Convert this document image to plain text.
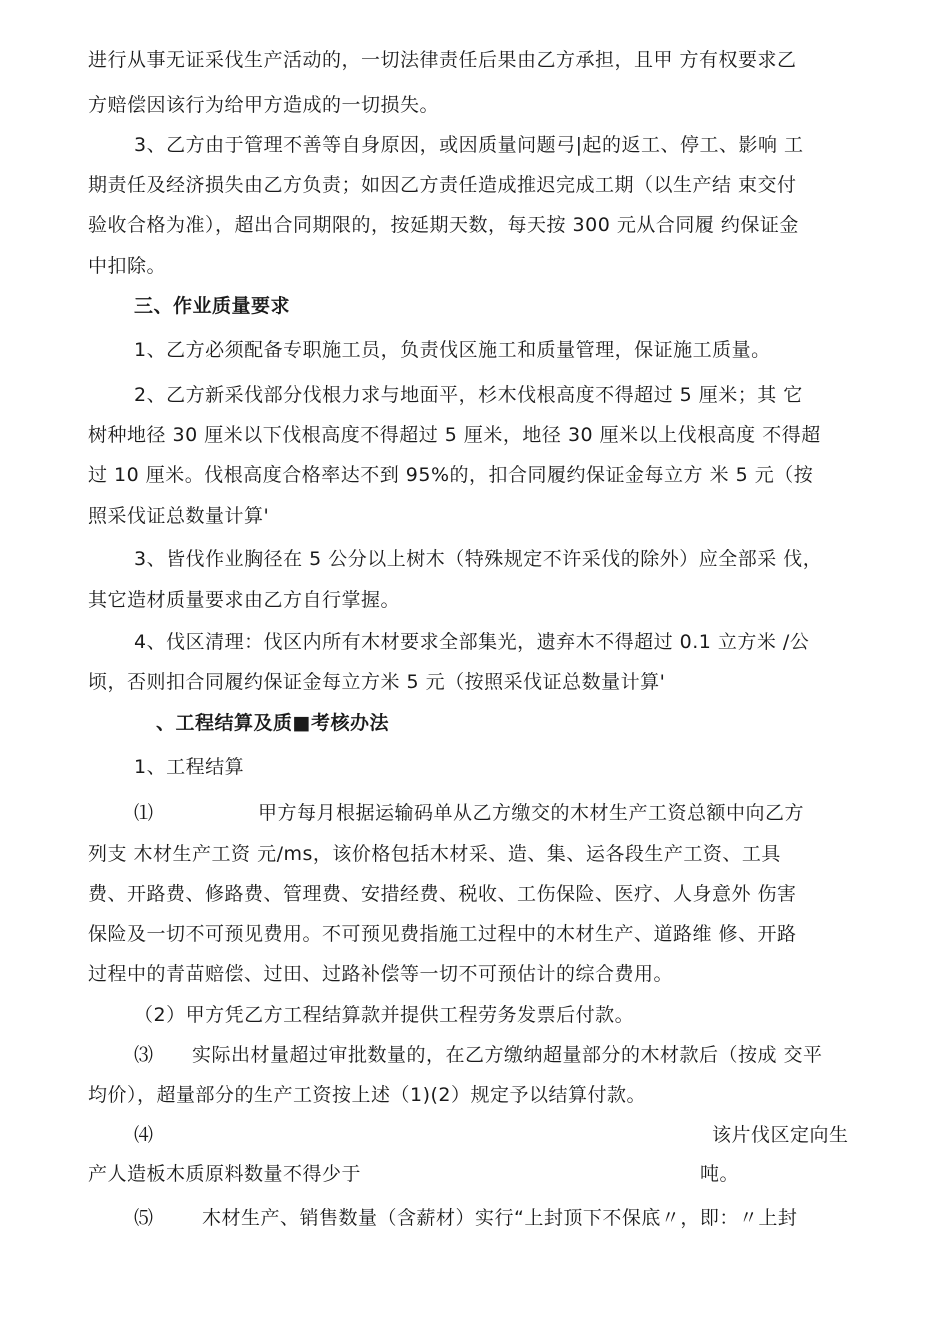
进行从事无证采伐生产活动的，一切法律责任后果由乙方承担，且甲 方有权要求乙
方赔偿因该行为给甲方造成的一切损失。
3、乙方由于管理不善等自身原因，或因质量问题弓|起的返工、停工、影响 工
期责任及经济损失由乙方负责；如因乙方责任造成推迟完成工期（以生产结 束交付
验收合格为准），超出合同期限的，按延期天数，每天按 300 元从合同履 约保证金
中扣除。
三、作业质量要求
1、乙方必须配备专职施工员，负责伐区施工和质量管理，保证施工质量。
2、乙方新采伐部分伐根力求与地面平，杉木伐根高度不得超过 5 厘米；其 它
树种地径 30 厘米以下伐根高度不得超过 5 厘米，地径 30 厘米以上伐根高度 不得超
过 10 厘米。伐根高度合格率达不到 95%的，扣合同履约保证金每立方 米 5 元（按
照采伐证总数量计算'
3、皆伐作业胸径在 5 公分以上树木（特殊规定不许采伐的除外）应全部采 伐，
其它造材质量要求由乙方自行掌握。
4、伐区清理：伐区内所有木材要求全部集光，遗弃木不得超过 0.1 立方米 /公
顷，否则扣合同履约保证金每立方米 5 元（按照采伐证总数量计算'
、工程结算及质■考核办法
1、工程结算
⑴	甲方每月根据运输码单从乙方缴交的木材生产工资总额中向乙方
列支 木材生产工资 元/ms，该价格包括木材采、造、集、运各段生产工资、工具
费、开路费、修路费、管理费、安措经费、税收、工伤保险、医疗、人身意外 伤害
保险及一切不可预见费用。不可预见费指施工过程中的木材生产、道路维 修、开路
过程中的青苗赔偿、过田、过路补偿等一切不可预估计的综合费用。
（2）甲方凭乙方工程结算款并提供工程劳务发票后付款。
⑶ 实际出材量超过审批数量的，在乙方缴纳超量部分的木材款后（按成 交平
均价），超量部分的生产工资按上述（1)(2）规定予以结算付款。
⑷	该片伐区定向生
产人造板木质原料数量不得少于	吨。
⑸	木材生产、销售数量（含薪材）实行“上封顶下不保底〃，即：〃上封
